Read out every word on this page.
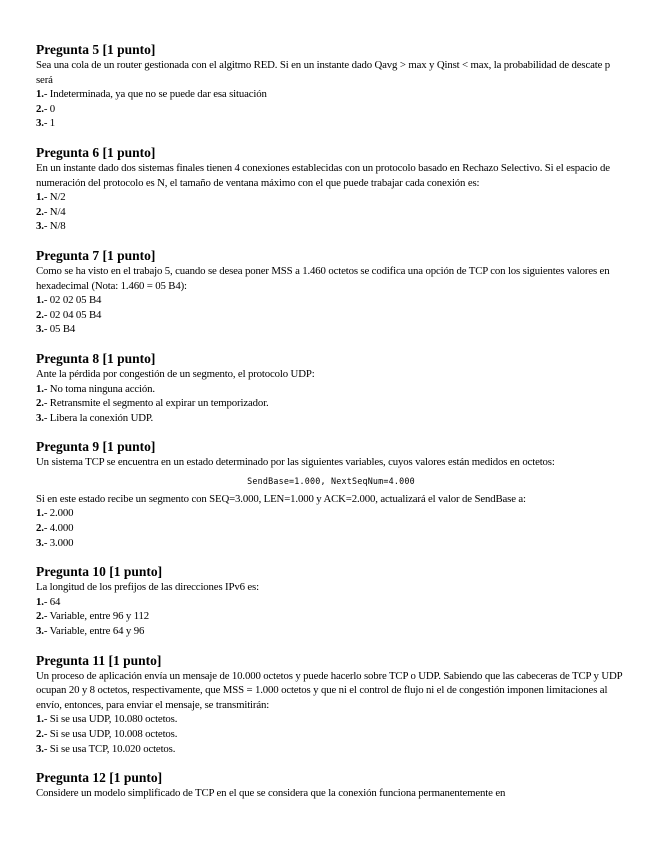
Pregunta 5 [1 punto]

Sea una cola de un router gestionada con el algitmo RED. Si en un instante dado Qavg > max y Qinst < max, la probabilidad de descate p será

1.- Indeterminada, ya que no se puede dar esa situación
2.- 0
3.- 1

Pregunta 6 [1 punto]

En un instante dado dos sistemas finales tienen 4 conexiones establecidas con un protocolo basado en Rechazo Selectivo. Si el espacio de numeración del protocolo es N, el tamaño de ventana máximo con el que puede trabajar cada conexión es:

1.- N/2
2.- N/4
3.- N/8

Pregunta 7 [1 punto]

Como se ha visto en el trabajo 5, cuando se desea poner MSS a 1.460 octetos se codifica una opción de TCP con los siguientes valores en hexadecimal (Nota: 1.460 = 05 B4):

1.- 02 02 05 B4
2.- 02 04 05 B4
3.- 05 B4

Pregunta 8 [1 punto]

Ante la pérdida por congestión de un segmento, el protocolo UDP:

1.- No toma ninguna acción.
2.- Retransmite el segmento al expirar un temporizador.
3.- Libera la conexión UDP.

Pregunta 9 [1 punto]

Un sistema TCP se encuentra en un estado determinado por las siguientes variables, cuyos valores están medidos en octetos:

SendBase=1.000, NextSeqNum=4.000

Si en este estado recibe un segmento con SEQ=3.000, LEN=1.000 y ACK=2.000, actualizará el valor de SendBase a:

1.- 2.000
2.- 4.000
3.- 3.000

Pregunta 10 [1 punto]

La longitud de los prefijos de las direcciones IPv6 es:

1.- 64
2.- Variable, entre 96 y 112
3.- Variable, entre 64 y 96

Pregunta 11 [1 punto]

Un proceso de aplicación envía un mensaje de 10.000 octetos y puede hacerlo sobre TCP o UDP. Sabiendo que las cabeceras de TCP y UDP ocupan 20 y 8 octetos, respectivamente, que MSS = 1.000 octetos y que ni el control de flujo ni el de congestión imponen limitaciones al envío, entonces, para enviar el mensaje, se transmitirán:

1.- Si se usa UDP, 10.080 octetos.
2.- Si se usa UDP, 10.008 octetos.
3.- Si se usa TCP, 10.020 octetos.

Pregunta 12 [1 punto]

Considere un modelo simplificado de TCP en el que se considera que la conexión funciona permanentemente en
